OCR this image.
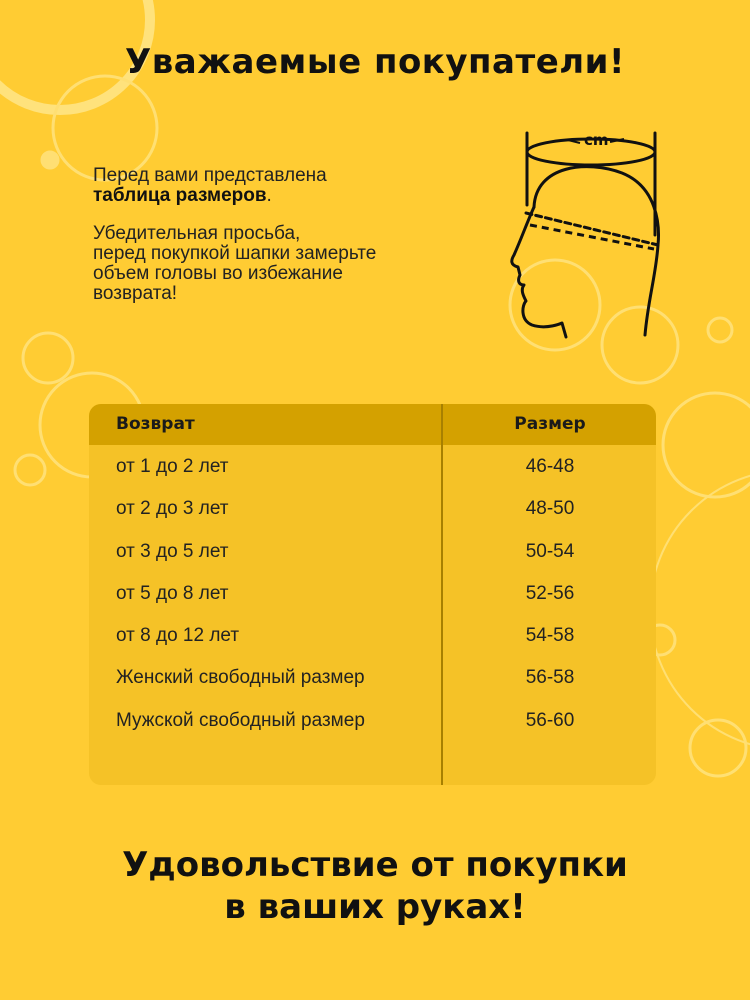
Уважаемые покупатели!

Перед вами представлена
таблица размеров.

Убедительная просьба,
перед покупкой шапки замерьте
объем головы во избежание
возврата!

cm
Возврат	Размер
от 1 до 2 лет	46-48
от 2 до 3 лет	48-50
от 3 до 5 лет	50-54
от 5 до 8 лет	52-56
от 8 до 12 лет	54-58
Женский свободный размер	56-58
Мужской свободный размер	56-60
Удовольствие от покупки
в ваших руках!
